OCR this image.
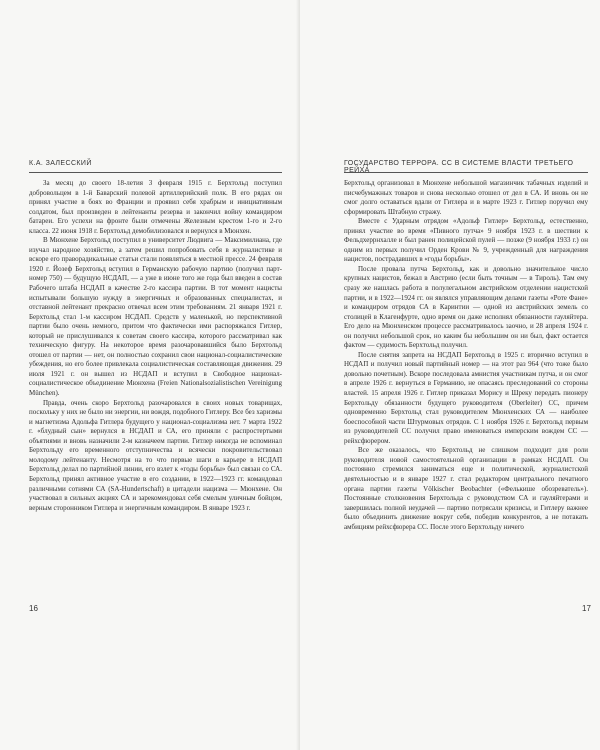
К.А. ЗАЛЕССКИЙ

За месяц до своего 18-летия 3 февраля 1915 г. Берхтольд поступил добровольцем в 1-й Баварский полевой артиллерийский полк. В его рядах он принял участие в боях во Франции и проявил себя храбрым и инициативным солдатом, был произведен в лейтенанты резерва и закончил войну командиром батареи. Его успехи на фронте были отмечены Железным крестом 1-го и 2-го класса. 22 июня 1918 г. Берхтольд демобилизовался и вернулся в Мюнхен.

В Мюнхене Берхтольд поступил в университет Людвига — Максимилиана, где изучал народное хозяйство, а затем решил попробовать себя в журналистике и вскоре его праворадикальные статьи стали появляться в местной прессе. 24 февраля 1920 г. Йозеф Берхтольд вступил в Германскую рабочую партию (получил парт-номер 750) — будущую НСДАП, — а уже в июне того же года был введен в состав Рабочего штаба НСДАП в качестве 2-го кассира партии. В тот момент нацисты испытывали большую нужду в энергичных и образованных специалистах, и отставной лейтенант прекрасно отвечал всем этим требованиям. 21 января 1921 г. Берхтольд стал 1-м кассиром НСДАП. Средств у маленькой, но перспективной партии было очень немного, притом что фактически ими распоряжался Гитлер, который не прислушивался к советам своего кассира, которого рассматривал как техническую фигуру. На некоторое время разочаровавшийся было Берхтольд отошел от партии — нет, он полностью сохранил свои национал-социалистические убеждения, но его более привлекала социалистическая составляющая движения. 29 июля 1921 г. он вышел из НСДАП и вступил в Свободное национал-социалистическое объединение Мюнхена (Freien Nationalsozialistischen Vereinigung München).

Правда, очень скоро Берхтольд разочаровался в своих новых товарищах, поскольку у них не было ни энергии, ни вождя, подобного Гитлеру. Все без харизмы и магнетизма Адольфа Гитлера будущего у национал-социализма нет. 7 марта 1922 г. «блудный сын» вернулся в НСДАП и СА, его приняли с распростертыми объятиями и вновь назначили 2-м казначеем партии. Гитлер никогда не вспоминал Берхтольду его временного отступничества и всячески покровительствовал молодому лейтенанту. Несмотря на то что первые шаги в карьере в НСДАП Берхтольд делал по партийной линии, его взлет к «годы борьбы» был связан со СА. Берхтольд принял активное участие в его создании, в 1922—1923 гг. командовал различными сотнями СА (SA-Hundertschaft) в цитадели нацизма — Мюнхене. Он участвовал в сильных акциях СА и зарекомендовал себя смелым уличным бойцом, верным сторонником Гитлера и энергичным командиром. В январе 1923 г.

16
ГОСУДАРСТВО ТЕРРОРА. СС В СИСТЕМЕ ВЛАСТИ ТРЕТЬЕГО РЕЙХА

Берхтольд организовал в Мюнхене небольшой магазинчик табачных изделий и писчебумажных товаров и снова несколько отошел от дел в СА. И вновь он не смог долго оставаться вдали от Гитлера и в марте 1923 г. Гитлер поручил ему сформировать Штабную стражу.

Вместе с Ударным отрядом «Адольф Гитлер» Берхтольд, естественно, принял участие во время «Пивного путча» 9 ноября 1923 г. в шествии к Фельдхеррнхалле и был ранен полицейской пулей — позже (9 ноября 1933 г.) он одним из первых получил Орден Крови № 9, учрежденный для награждения нацистов, пострадавших в «годы борьбы».

После провала путча Берхтольд, как и довольно значительное число крупных нацистов, бежал в Австрию (если быть точным — в Тироль). Там ему сразу же нашлась работа в полулегальном австрийском отделении нацистской партии, и в 1922—1924 гг. он являлся управляющим делами газеты «Роте Фане» и командиром отрядов СА в Каринтии — одной из австрийских земель со столицей в Клагенфурте, одно время он даже исполнял обязанности гауляйтера. Его дело на Мюнхенском процессе рассматривалось заочно, и 28 апреля 1924 г. он получил небольшой срок, но каким бы небольшим он ни был, факт остается фактом — судимость Берхтольд получил.

После снятия запрета на НСДАП Берхтольд в 1925 г. вторично вступил в НСДАП и получил новый партийный номер — на этот раз 964 (что тоже было довольно почетным). Вскоре последовала амнистия участникам путча, и он смог в апреле 1926 г. вернуться в Германию, не опасаясь преследований со стороны властей. 15 апреля 1926 г. Гитлер приказал Морису и Шреку передать пионеру Берхтольду обязанности будущего руководителя (Oberleiter) СС, причем одновременно Берхтольд стал руководителем Мюнхенских СА — наиболее боеспособной части Штурмовых отрядов. С 1 ноября 1926 г. Берхтольд первым из руководителей СС получил право именоваться имперским вождем СС — рейхсфюрером.

Все же оказалось, что Берхтольд не слишком подходит для роли руководителя новой самостоятельной организации в рамках НСДАП. Он постоянно стремился заниматься еще и политической, журналистской деятельностью и в январе 1927 г. стал редактором центрального печатного органа партии газеты Völkischer Beobachter («Фелькише обозреватель»). Постоянные столкновения Берхтольда с руководством СА и гауляйтерами и завершилась полной неудачей — партию потрясали кризисы, и Гитлеру важнее было объединить движение вокруг себя, победив конкурентов, а не потакать амбициям рейхсфюрера СС. После этого Берхтольду ничего

17
